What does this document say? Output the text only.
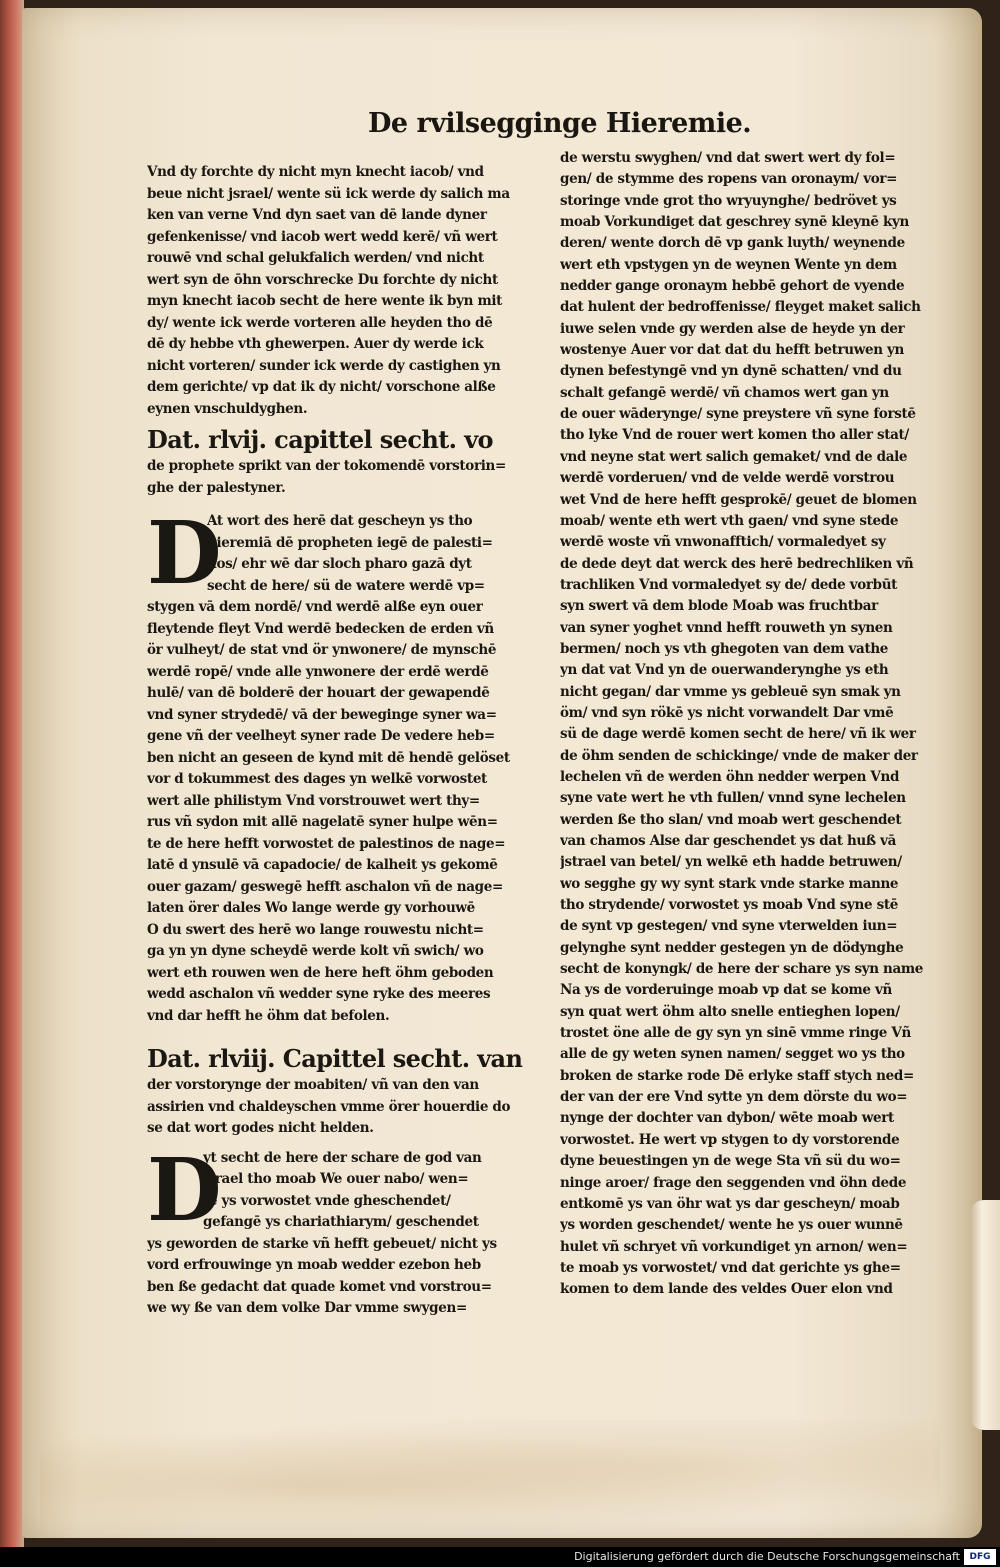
De rvilsegginge Hieremie.
Vnd dy forchte dy nicht myn knecht iacob/ vnd
beue nicht jsrael/ wente sü ick werde dy salich ma
ken van verne Vnd dyn saet van dē lande dyner
gefenkenisse/ vnd iacob wert wedd kerē/ vñ wert
rouwē vnd schal gelukfalich werden/ vnd nicht
wert syn de ōhn vorschrecke Du forchte dy nicht
myn knecht iacob secht de here wente ik byn mit
dy/ wente ick werde vorteren alle heyden tho dē
dē dy hebbe vth ghewerpen. Auer dy werde ick
nicht vorteren/ sunder ick werde dy castighen yn
dem gerichte/ vp dat ik dy nicht/ vorschone alße
eynen vnschuldyghen.
Dat. rlvij. capittel secht. vo
de prophete sprikt van der tokomendē vorstorin=
ghe der palestyner.
D
At wort des herē dat gescheyn ys tho
hieremiā dē propheten iegē de palesti=
nos/ ehr wē dar sloch pharo gazā dyt
secht de here/ sü de watere werdē vp=
stygen vā dem nordē/ vnd werdē alße eyn ouer
fleytende fleyt Vnd werdē bedecken de erden vñ
ör vulheyt/ de stat vnd ör ynwonere/ de mynschē
werdē ropē/ vnde alle ynwonere der erdē werdē
hulē/ van dē bolderē der houart der gewapendē
vnd syner strydedē/ vā der beweginge syner wa=
gene vñ der veelheyt syner rade De vedere heb=
ben nicht an geseen de kynd mit dē hendē gelöset
vor d tokummest des dages yn welkē vorwostet
wert alle philistym Vnd vorstrouwet wert thy=
rus vñ sydon mit allē nagelatē syner hulpe wēn=
te de here hefft vorwostet de palestinos de nage=
latē d ynsulē vā capadocie/ de kalheit ys gekomē
ouer gazam/ geswegē hefft aschalon vñ de nage=
laten örer dales Wo lange werde gy vorhouwē
O du swert des herē wo lange rouwestu nicht=
ga yn yn dyne scheydē werde kolt vñ swich/ wo
wert eth rouwen wen de here heft öhm geboden
wedd aschalon vñ wedder syne ryke des meeres
vnd dar hefft he öhm dat befolen.
Dat. rlviij. Capittel secht. van
der vorstorynge der moabiten/ vñ van den van
assirien vnd chaldeyschen vmme örer houerdie do
se dat wort godes nicht helden.
D
yt secht de here der schare de god van
jsrael tho moab We ouer nabo/ wen=
te ys vorwostet vnde gheschendet/
gefangē ys chariathiarym/ geschendet
ys geworden de starke vñ hefft gebeuet/ nicht ys
vord erfrouwinge yn moab wedder ezebon heb
ben ße gedacht dat quade komet vnd vorstrou=
we wy ße van dem volke Dar vmme swygen=
de werstu swyghen/ vnd dat swert wert dy fol=
gen/ de stymme des ropens van oronaym/ vor=
storinge vnde grot tho wryuynghe/ bedrövet ys
moab Vorkundiget dat geschrey synē kleynē kyn
deren/ wente dorch dē vp gank luyth/ weynende
wert eth vpstygen yn de weynen Wente yn dem
nedder gange oronaym hebbē gehort de vyende
dat hulent der bedroffenisse/ fleyget maket salich
iuwe selen vnde gy werden alse de heyde yn der
wostenye Auer vor dat dat du hefft betruwen yn
dynen befestyngē vnd yn dynē schatten/ vnd du
schalt gefangē werdē/ vñ chamos wert gan yn
de ouer wāderynge/ syne preystere vñ syne forstē
tho lyke Vnd de rouer wert komen tho aller stat/
vnd neyne stat wert salich gemaket/ vnd de dale
werdē vorderuen/ vnd de velde werdē vorstrou
wet Vnd de here hefft gesprokē/ geuet de blomen
moab/ wente eth wert vth gaen/ vnd syne stede
werdē woste vñ vnwonafftich/ vormaledyet sy
de dede deyt dat werck des herē bedrechliken vñ
trachliken Vnd vormaledyet sy de/ dede vorbūt
syn swert vā dem blode Moab was fruchtbar
van syner yoghet vnnd hefft rouweth yn synen
bermen/ noch ys vth ghegoten van dem vathe
yn dat vat Vnd yn de ouerwanderynghe ys eth
nicht gegan/ dar vmme ys gebleuē syn smak yn
öm/ vnd syn rökē ys nicht vorwandelt Dar vmē
sü de dage werdē komen secht de here/ vñ ik wer
de öhm senden de schickinge/ vnde de maker der
lechelen vñ de werden öhn nedder werpen Vnd
syne vate wert he vth fullen/ vnnd syne lechelen
werden ße tho slan/ vnd moab wert geschendet
van chamos Alse dar geschendet ys dat huß vā
jstrael van betel/ yn welkē eth hadde betruwen/
wo segghe gy wy synt stark vnde starke manne
tho strydende/ vorwostet ys moab Vnd syne stē
de synt vp gestegen/ vnd syne vterwelden iun=
gelynghe synt nedder gestegen yn de dödynghe
secht de konyngk/ de here der schare ys syn name
Na ys de vorderuinge moab vp dat se kome vñ
syn quat wert öhm alto snelle entieghen lopen/
trostet öne alle de gy syn yn sinē vmme ringe Vñ
alle de gy weten synen namen/ segget wo ys tho
broken de starke rode Dē erlyke staff stych ned=
der van der ere Vnd sytte yn dem dörste du wo=
nynge der dochter van dybon/ wēte moab wert
vorwostet. He wert vp stygen to dy vorstorende
dyne beuestingen yn de wege Sta vñ sü du wo=
ninge aroer/ frage den seggenden vnd öhn dede
entkomē ys van öhr wat ys dar gescheyn/ moab
ys worden geschendet/ wente he ys ouer wunnē
hulet vñ schryet vñ vorkundiget yn arnon/ wen=
te moab ys vorwostet/ vnd dat gerichte ys ghe=
komen to dem lande des veldes Ouer elon vnd
Digitalisierung gefördert durch die Deutsche Forschungsgemeinschaft	DFG
